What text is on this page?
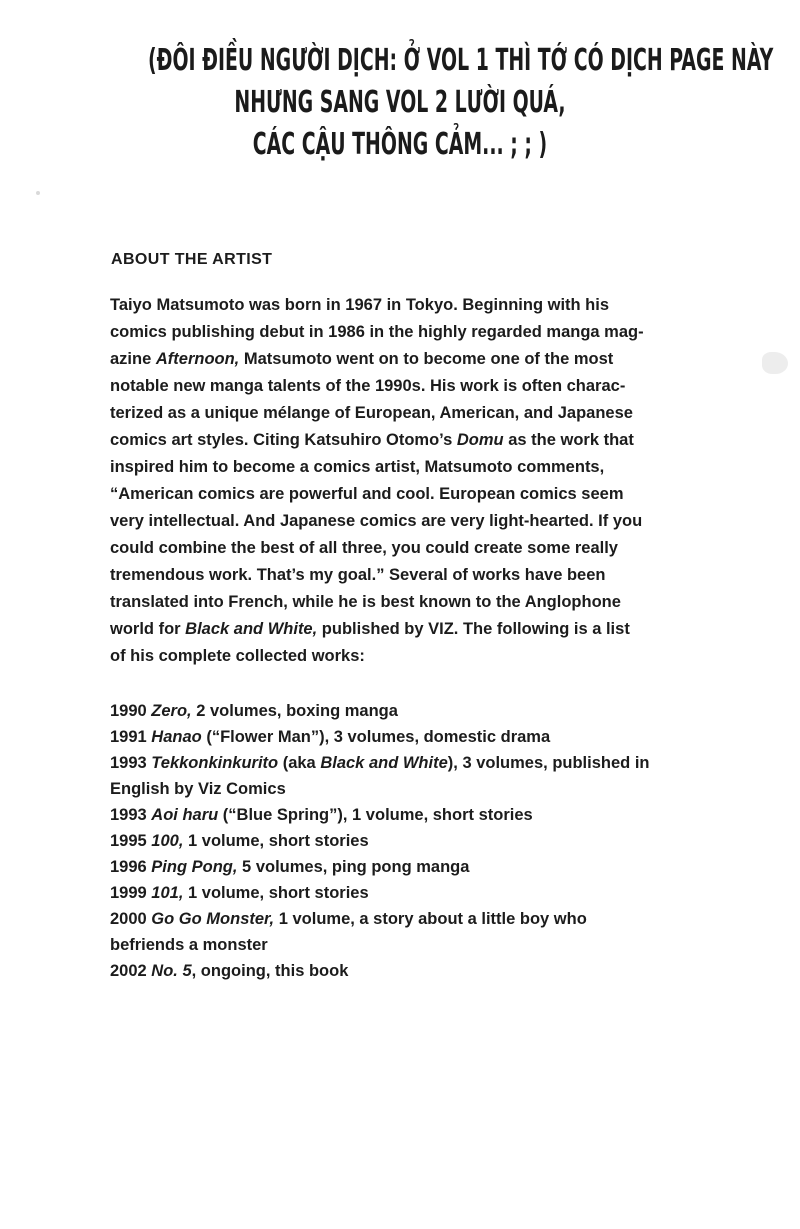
(ĐÔI ĐIỀU NGƯỜI DỊCH: Ở VOL 1 THÌ TỚ CÓ DỊCH PAGE NÀY
NHƯNG SANG VOL 2 LƯỜI QUÁ,
CÁC CẬU THÔNG CẢM... ; ; )
ABOUT THE ARTIST
Taiyo Matsumoto was born in 1967 in Tokyo. Beginning with his
comics publishing debut in 1986 in the highly regarded manga mag-
azine Afternoon, Matsumoto went on to become one of the most
notable new manga talents of the 1990s. His work is often charac-
terized as a unique mélange of European, American, and Japanese
comics art styles. Citing Katsuhiro Otomo’s Domu as the work that
inspired him to become a comics artist, Matsumoto comments,
“American comics are powerful and cool. European comics seem
very intellectual. And Japanese comics are very light-hearted. If you
could combine the best of all three, you could create some really
tremendous work. That’s my goal.” Several of works have been
translated into French, while he is best known to the Anglophone
world for Black and White, published by VIZ. The following is a list
of his complete collected works:
1990 Zero, 2 volumes, boxing manga
1991 Hanao (“Flower Man”), 3 volumes, domestic drama
1993 Tekkonkinkurito (aka Black and White), 3 volumes, published in
English by Viz Comics
1993 Aoi haru (“Blue Spring”), 1 volume, short stories
1995 100, 1 volume, short stories
1996 Ping Pong, 5 volumes, ping pong manga
1999 101, 1 volume, short stories
2000 Go Go Monster, 1 volume, a story about a little boy who
befriends a monster
2002 No. 5, ongoing, this book
